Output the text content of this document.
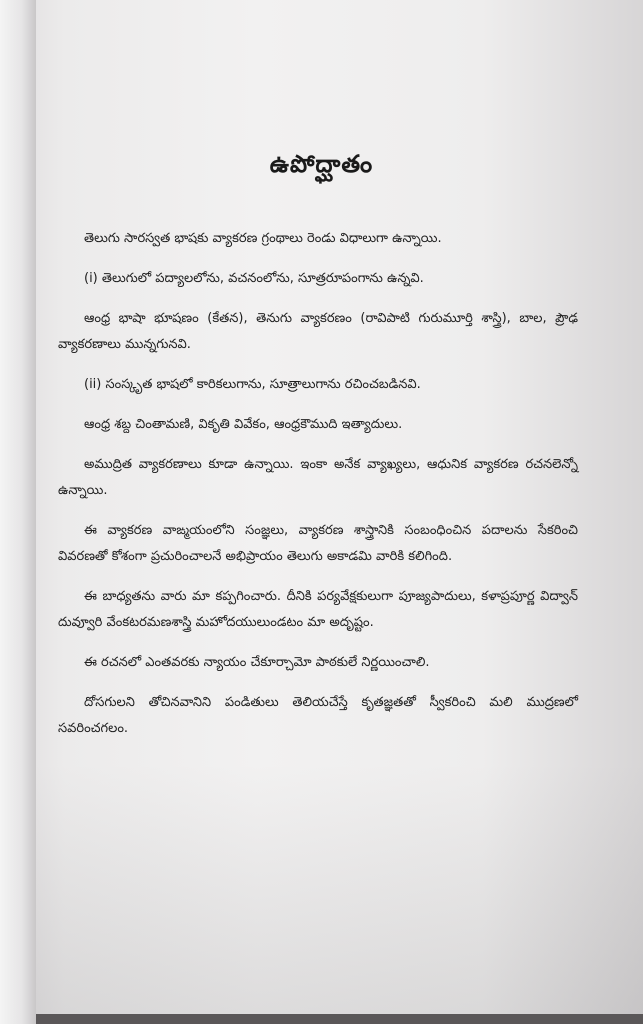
ఉపోద్ఘాతం

తెలుగు సారస్వత భాషకు వ్యాకరణ గ్రంథాలు రెండు విధాలుగా ఉన్నాయి.

(i) తెలుగులో పద్యాలలోను, వచనంలోను, సూత్రరూపంగాను ఉన్నవి.

ఆంధ్ర భాషా భూషణం (కేతన), తెనుగు వ్యాకరణం (రావిపాటి గురుమూర్తి శాస్త్రి), బాల, ప్రౌఢ వ్యాకరణాలు మున్నగునవి.

(ii) సంస్కృత భాషలో కారికలుగాను, సూత్రాలుగాను రచించబడినవి.

ఆంధ్ర శబ్ద చింతామణి, వికృతి వివేకం, ఆంధ్రకౌముది ఇత్యాదులు.

అముద్రిత వ్యాకరణాలు కూడా ఉన్నాయి. ఇంకా అనేక వ్యాఖ్యలు, ఆధునిక వ్యాకరణ రచనలెన్నో ఉన్నాయి.

ఈ వ్యాకరణ వాఙ్మయంలోని సంజ్ఞలు, వ్యాకరణ శాస్త్రానికి సంబంధించిన పదాలను సేకరించి వివరణతో కోశంగా ప్రచురించాలనే అభిప్రాయం తెలుగు అకాడమి వారికి కలిగింది.

ఈ బాధ్యతను వారు మా కప్పగించారు. దీనికి పర్యవేక్షకులుగా పూజ్యపాదులు, కళాప్రపూర్ణ విద్వాన్ దువ్వూరి వేంకటరమణశాస్త్రి మహోదయులుండటం మా అదృష్టం.

ఈ రచనలో ఎంతవరకు న్యాయం చేకూర్చామో పాఠకులే నిర్ణయించాలి.

దోసగులని తోచినవానిని పండితులు తెలియచేస్తే కృతజ్ఞతతో స్వీకరించి మలి ముద్రణలో సవరించగలం.
